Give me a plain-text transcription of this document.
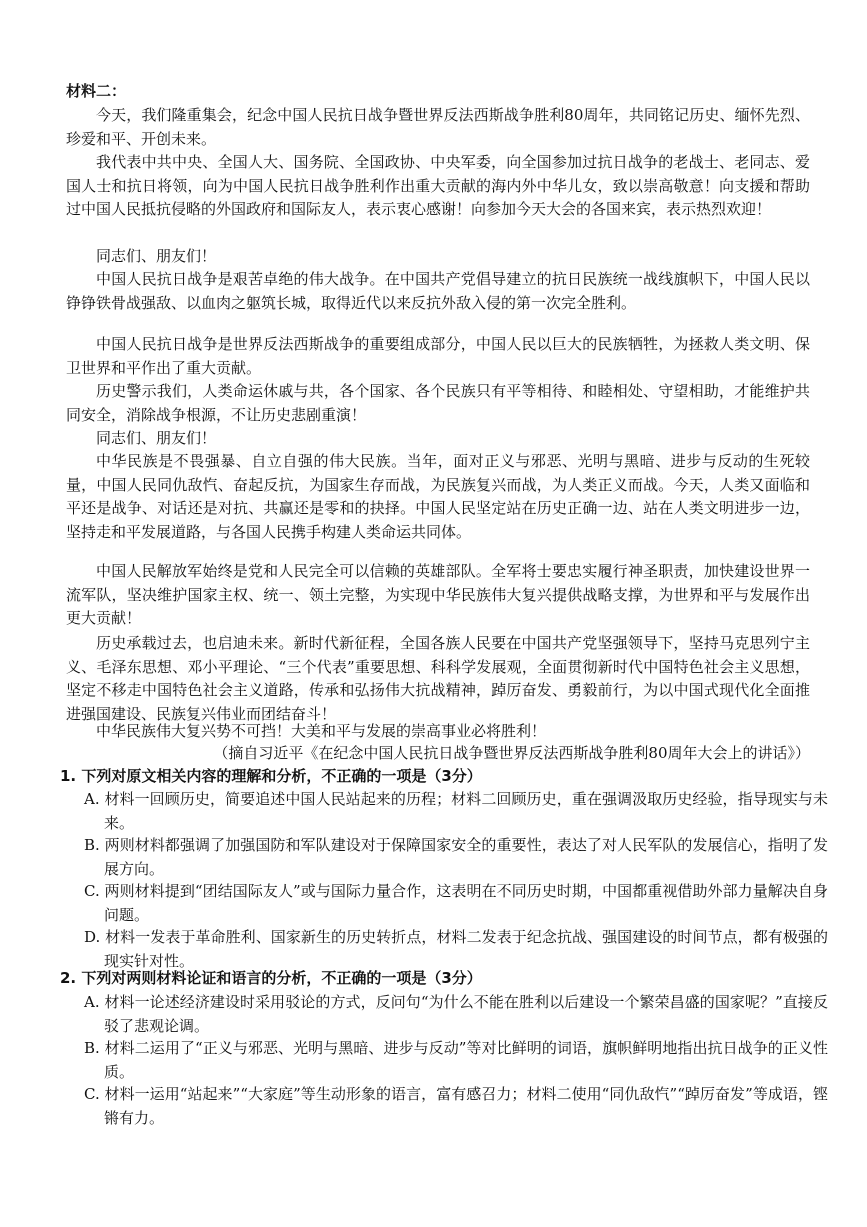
材料二：

今天，我们隆重集会，纪念中国人民抗日战争暨世界反法西斯战争胜利80周年，共同铭记历史、缅怀先烈、珍爱和平、开创未来。

我代表中共中央、全国人大、国务院、全国政协、中央军委，向全国参加过抗日战争的老战士、老同志、爱国人士和抗日将领，向为中国人民抗日战争胜利作出重大贡献的海内外中华儿女，致以崇高敬意！向支援和帮助过中国人民抵抗侵略的外国政府和国际友人，表示衷心感谢！向参加今天大会的各国来宾，表示热烈欢迎！

同志们、朋友们！

中国人民抗日战争是艰苦卓绝的伟大战争。在中国共产党倡导建立的抗日民族统一战线旗帜下，中国人民以铮铮铁骨战强敌、以血肉之躯筑长城，取得近代以来反抗外敌入侵的第一次完全胜利。

中国人民抗日战争是世界反法西斯战争的重要组成部分，中国人民以巨大的民族牺牲，为拯救人类文明、保卫世界和平作出了重大贡献。

历史警示我们，人类命运休戚与共，各个国家、各个民族只有平等相待、和睦相处、守望相助，才能维护共同安全，消除战争根源，不让历史悲剧重演！

同志们、朋友们！

中华民族是不畏强暴、自立自强的伟大民族。当年，面对正义与邪恶、光明与黑暗、进步与反动的生死较量，中国人民同仇敌忾、奋起反抗，为国家生存而战，为民族复兴而战，为人类正义而战。今天，人类又面临和平还是战争、对话还是对抗、共赢还是零和的抉择。中国人民坚定站在历史正确一边、站在人类文明进步一边，坚持走和平发展道路，与各国人民携手构建人类命运共同体。

中国人民解放军始终是党和人民完全可以信赖的英雄部队。全军将士要忠实履行神圣职责，加快建设世界一流军队，坚决维护国家主权、统一、领土完整，为实现中华民族伟大复兴提供战略支撑，为世界和平与发展作出更大贡献！

历史承载过去，也启迪未来。新时代新征程，全国各族人民要在中国共产党坚强领导下，坚持马克思列宁主义、毛泽东思想、邓小平理论、“三个代表”重要思想、科科学发展观，全面贯彻新时代中国特色社会主义思想，坚定不移走中国特色社会主义道路，传承和弘扬伟大抗战精神，踔厉奋发、勇毅前行，为以中国式现代化全面推进强国建设、民族复兴伟业而团结奋斗！

中华民族伟大复兴势不可挡！大美和平与发展的崇高事业必将胜利！

（摘自习近平《在纪念中国人民抗日战争暨世界反法西斯战争胜利80周年大会上的讲话》）

1. 下列对原文相关内容的理解和分析，不正确的一项是（3分）

A. 材料一回顾历史，简要追述中国人民站起来的历程；材料二回顾历史，重在强调汲取历史经验，指导现实与未来。

B. 两则材料都强调了加强国防和军队建设对于保障国家安全的重要性，表达了对人民军队的发展信心，指明了发展方向。

C. 两则材料提到“团结国际友人”或与国际力量合作，这表明在不同历史时期，中国都重视借助外部力量解决自身问题。

D. 材料一发表于革命胜利、国家新生的历史转折点，材料二发表于纪念抗战、强国建设的时间节点，都有极强的现实针对性。

2. 下列对两则材料论证和语言的分析，不正确的一项是（3分）

A. 材料一论述经济建设时采用驳论的方式，反问句“为什么不能在胜利以后建设一个繁荣昌盛的国家呢？”直接反驳了悲观论调。

B. 材料二运用了“正义与邪恶、光明与黑暗、进步与反动”等对比鲜明的词语，旗帜鲜明地指出抗日战争的正义性质。

C. 材料一运用“站起来”“大家庭”等生动形象的语言，富有感召力；材料二使用“同仇敌忾”“踔厉奋发”等成语，铿锵有力。
